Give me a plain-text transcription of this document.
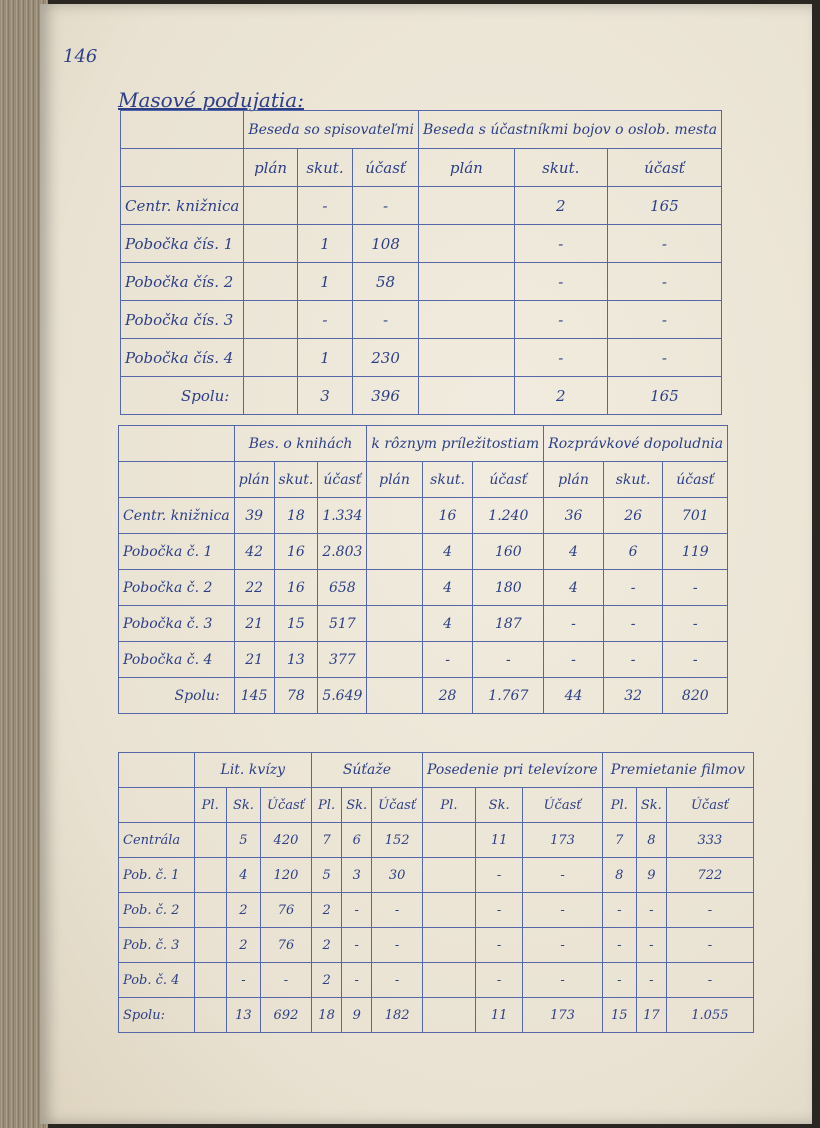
146
Masové podujatia:
	Beseda so spisovateľmi			Beseda s účastníkmi bojov o oslob. mesta		
	plán	skut.	účasť	plán	skut.	účasť
Centr. knižnica		-	-		2	165
Pobočka čís. 1		1	108		-	-
Pobočka čís. 2		1	58		-	-
Pobočka čís. 3		-	-		-	-
Pobočka čís. 4		1	230		-	-
Spolu:		3	396		2	165
	Bes. o knihách			k rôznym príležitostiam			Rozprávkové dopoludnia		
	plán	skut.	účasť	plán	skut.	účasť	plán	skut.	účasť
Centr. knižnica	39	18	1.334		16	1.240	36	26	701
Pobočka č. 1	42	16	2.803		4	160	4	6	119
Pobočka č. 2	22	16	658		4	180	4	-	-
Pobočka č. 3	21	15	517		4	187	-	-	-
Pobočka č. 4	21	13	377		-	-	-	-	-
Spolu:	145	78	5.649		28	1.767	44	32	820
	Lit. kvízy			Súťaže			Posedenie pri televízore			Premietanie filmov		
	Pl.	Sk.	Účasť	Pl.	Sk.	Účasť	Pl.	Sk.	Účasť	Pl.	Sk.	Účasť
Centrála		5	420	7	6	152		11	173	7	8	333
Pob. č. 1		4	120	5	3	30		-	-	8	9	722
Pob. č. 2		2	76	2	-	-		-	-	-	-	-
Pob. č. 3		2	76	2	-	-		-	-	-	-	-
Pob. č. 4		-	-	2	-	-		-	-	-	-	-
Spolu:		13	692	18	9	182		11	173	15	17	1.055
